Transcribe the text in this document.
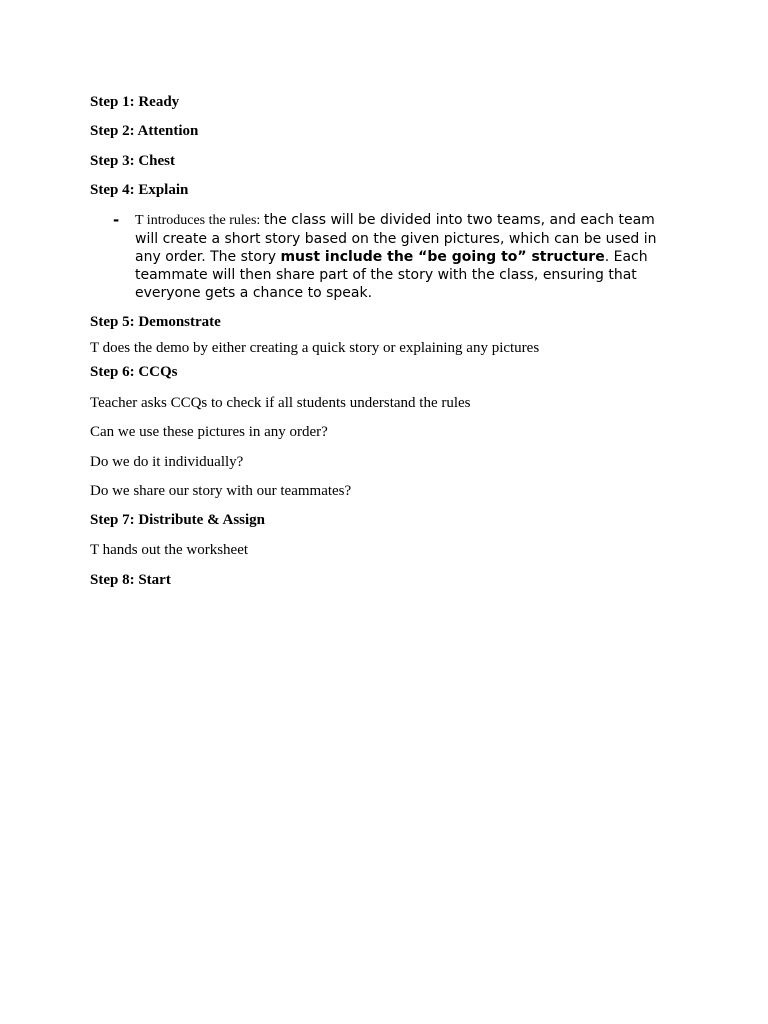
Step 1: Ready
Step 2: Attention
Step 3: Chest
Step 4: Explain
- T introduces the rules: the class will be divided into two teams, and each team will create a short story based on the given pictures, which can be used in any order. The story must include the “be going to” structure. Each teammate will then share part of the story with the class, ensuring that everyone gets a chance to speak.
Step 5: Demonstrate
T does the demo by either creating a quick story or explaining any pictures
Step 6: CCQs
Teacher asks CCQs to check if all students understand the rules
Can we use these pictures in any order?
Do we do it individually?
Do we share our story with our teammates?
Step 7: Distribute & Assign
T hands out the worksheet
Step 8: Start
